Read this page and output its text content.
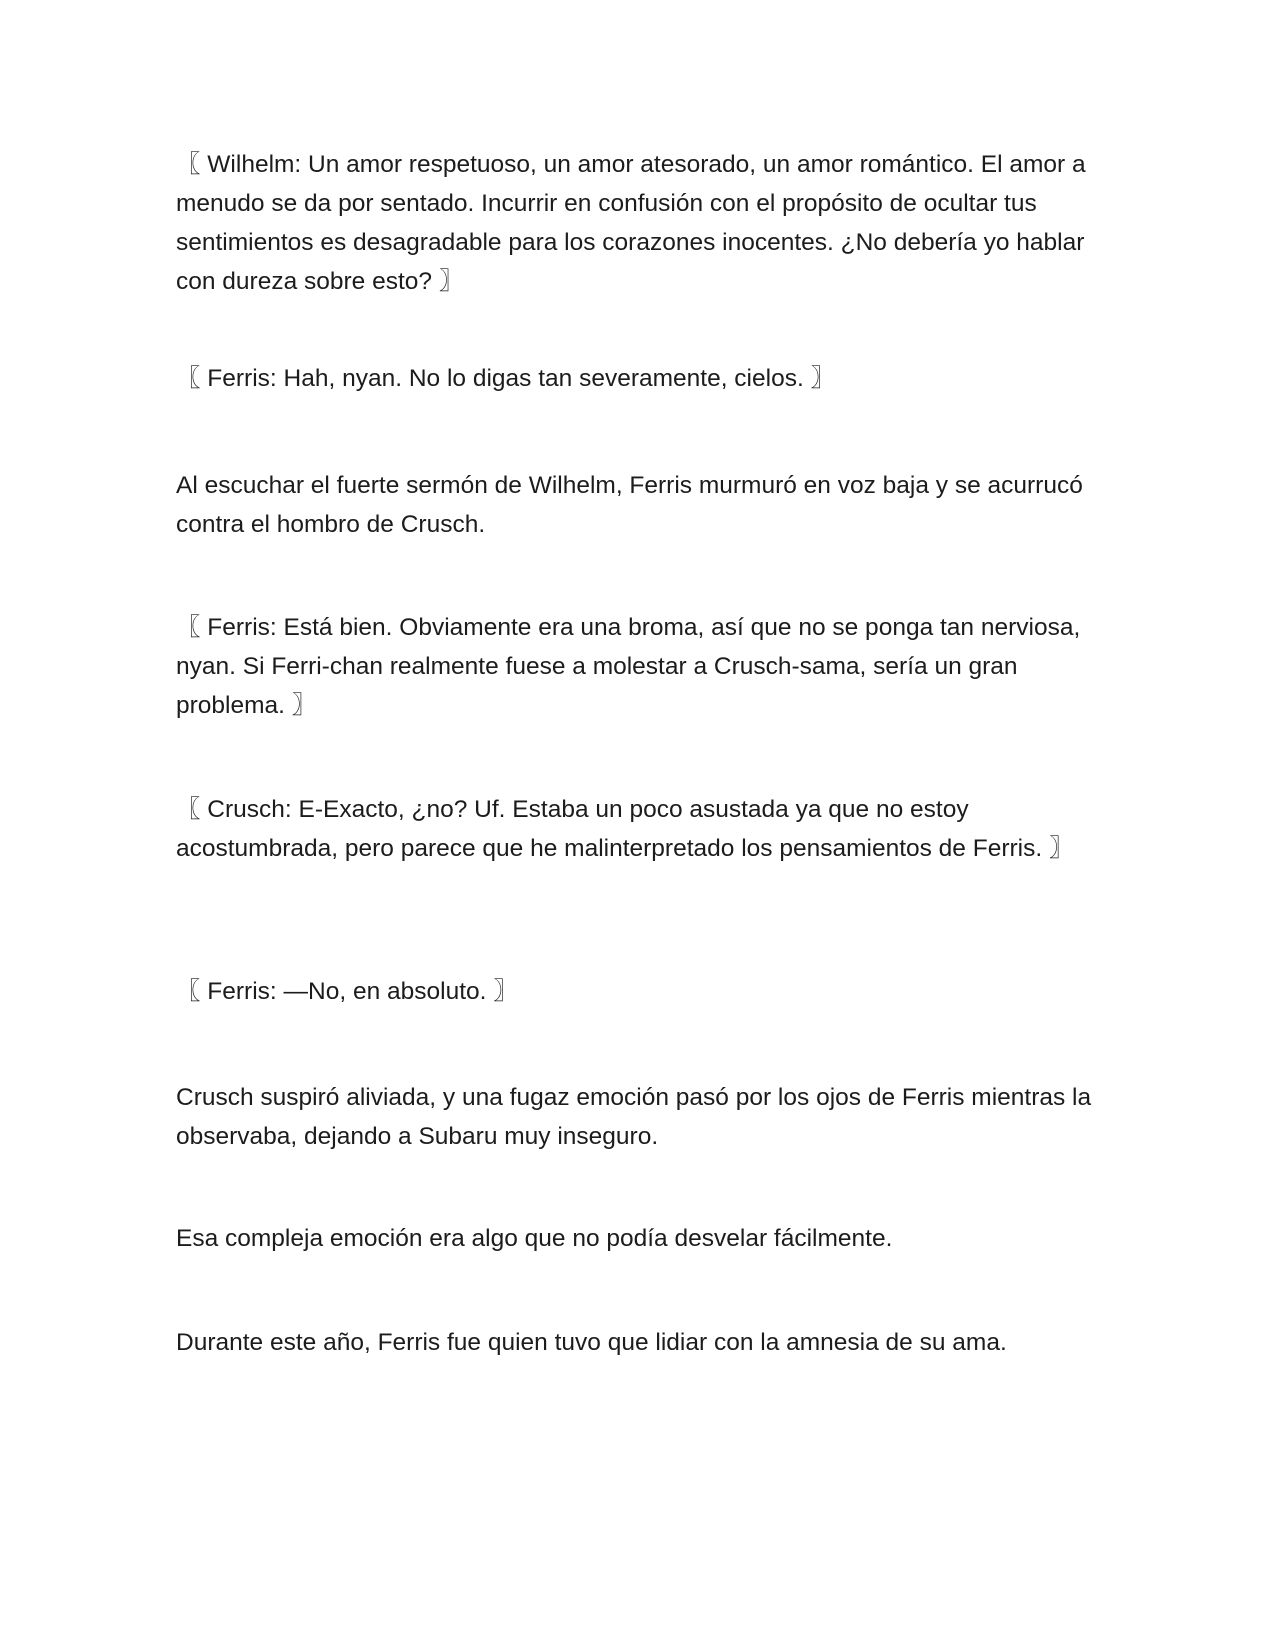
〖 Wilhelm: Un amor respetuoso, un amor atesorado, un amor romántico. El amor a menudo se da por sentado. Incurrir en confusión con el propósito de ocultar tus sentimientos es desagradable para los corazones inocentes. ¿No debería yo hablar con dureza sobre esto? 〗

〖 Ferris: Hah, nyan. No lo digas tan severamente, cielos. 〗

Al escuchar el fuerte sermón de Wilhelm, Ferris murmuró en voz baja y se acurrucó contra el hombro de Crusch.

〖 Ferris: Está bien. Obviamente era una broma, así que no se ponga tan nerviosa, nyan. Si Ferri-chan realmente fuese a molestar a Crusch-sama, sería un gran problema. 〗

〖 Crusch: E-Exacto, ¿no? Uf. Estaba un poco asustada ya que no estoy acostumbrada, pero parece que he malinterpretado los pensamientos de Ferris. 〗

〖 Ferris: —No, en absoluto. 〗

Crusch suspiró aliviada, y una fugaz emoción pasó por los ojos de Ferris mientras la observaba, dejando a Subaru muy inseguro.

Esa compleja emoción era algo que no podía desvelar fácilmente.

Durante este año, Ferris fue quien tuvo que lidiar con la amnesia de su ama.
